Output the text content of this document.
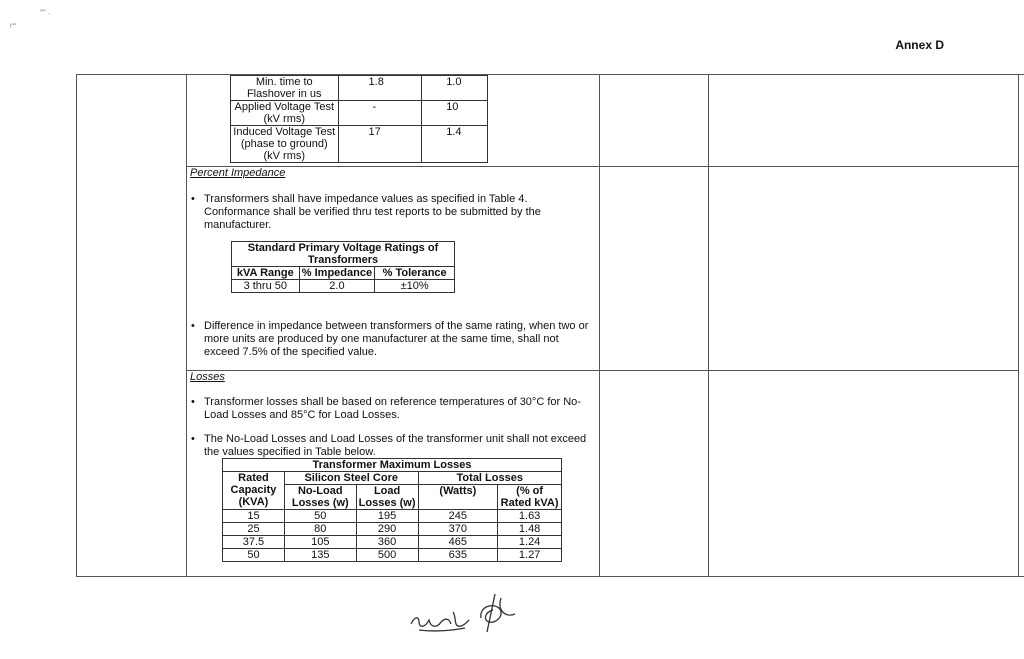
!""
°"' .
Annex D
Min. time to Flashover in us	1.8	1.0
Applied Voltage Test (kV rms)	-	10
Induced Voltage Test (phase to ground) (kV rms)	17	1.4
Percent Impedance
• Transformers shall have impedance values as specified in Table 4. Conformance shall be verified thru test reports to be submitted by the manufacturer.
Standard Primary Voltage Ratings of Transformers		
kVA Range	% Impedance	% Tolerance
3 thru 50	2.0	±10%
• Difference in impedance between transformers of the same rating, when two or more units are produced by one manufacturer at the same time, shall not exceed 7.5% of the specified value.
Losses
• Transformer losses shall be based on reference temperatures of 30°C for No-Load Losses and 85°C for Load Losses.
• The No-Load Losses and Load Losses of the transformer unit shall not exceed the values specified in Table below.
Transformer Maximum Losses				
Rated Capacity (KVA)	Silicon Steel Core		Total Losses	
	No-Load Losses (w)	Load Losses (w)	(Watts)	(% of Rated kVA)
15	50	195	245	1.63
25	80	290	370	1.48
37.5	105	360	465	1.24
50	135	500	635	1.27
